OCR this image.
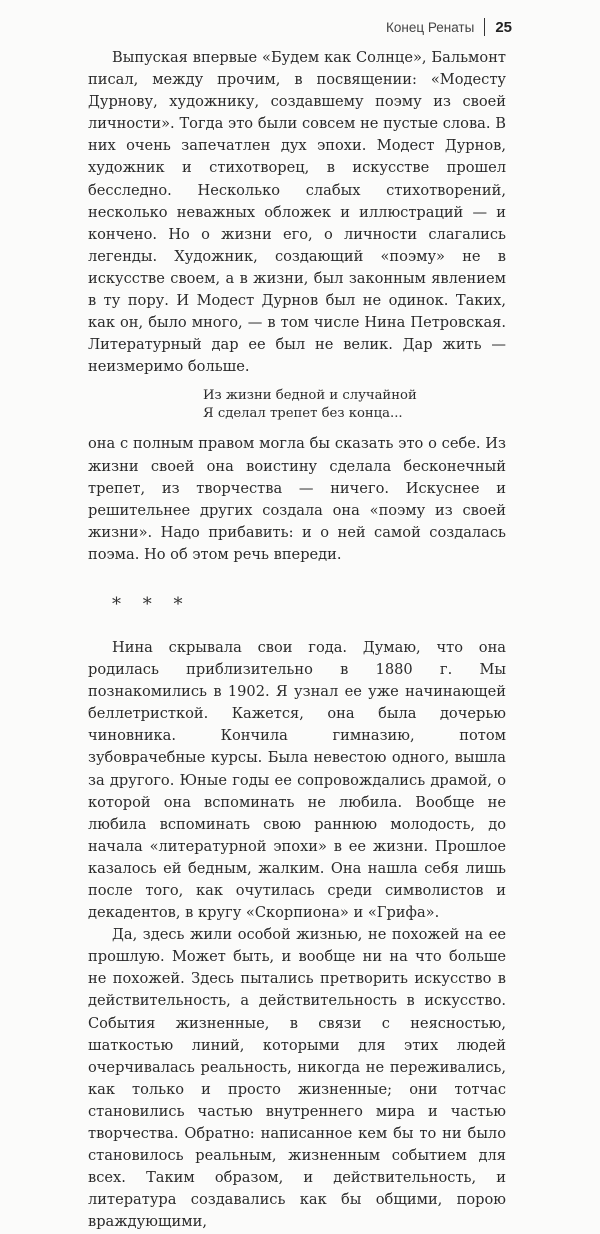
Конец Ренаты 25

Выпуская впервые «Будем как Солнце», Бальмонт писал, между прочим, в посвящении: «Модесту Дурнову, художнику, создавшему поэму из своей личности». Тогда это были совсем не пустые слова. В них очень запечатлен дух эпохи. Модест Дурнов, художник и стихотворец, в искусстве прошел бесследно. Несколько слабых стихотворений, несколько неважных обложек и иллюстраций — и кончено. Но о жизни его, о личности слагались легенды. Художник, создающий «поэму» не в искусстве своем, а в жизни, был законным явлением в ту пору. И Модест Дурнов был не одинок. Таких, как он, было много, — в том числе Нина Петровская. Литературный дар ее был не велик. Дар жить — неизмеримо больше.

Из жизни бедной и случайной
Я сделал трепет без конца...

она с полным правом могла бы сказать это о себе. Из жизни своей она воистину сделала бесконечный трепет, из творчества — ничего. Искуснее и решительнее других создала она «поэму из своей жизни». Надо прибавить: и о ней самой создалась поэма. Но об этом речь впереди.

* * *

Нина скрывала свои года. Думаю, что она родилась приблизительно в 1880 г. Мы познакомились в 1902. Я узнал ее уже начинающей беллетристкой. Кажется, она была дочерью чиновника. Кончила гимназию, потом зубоврачебные курсы. Была невестою одного, вышла за другого. Юные годы ее сопровождались драмой, о которой она вспоминать не любила. Вообще не любила вспоминать свою раннюю молодость, до начала «литературной эпохи» в ее жизни. Прошлое казалось ей бедным, жалким. Она нашла себя лишь после того, как очутилась среди символистов и декадентов, в кругу «Скорпиона» и «Грифа».

Да, здесь жили особой жизнью, не похожей на ее прошлую. Может быть, и вообще ни на что больше не похожей. Здесь пытались претворить искусство в действительность, а действительность в искусство. События жизненные, в связи с неясностью, шаткостью линий, которыми для этих людей очерчивалась реальность, никогда не переживались, как только и просто жизненные; они тотчас становились частью внутреннего мира и частью творчества. Обратно: написанное кем бы то ни было становилось реальным, жизненным событием для всех. Таким образом, и действительность, и литература создавались как бы общими, порою враждующими,
